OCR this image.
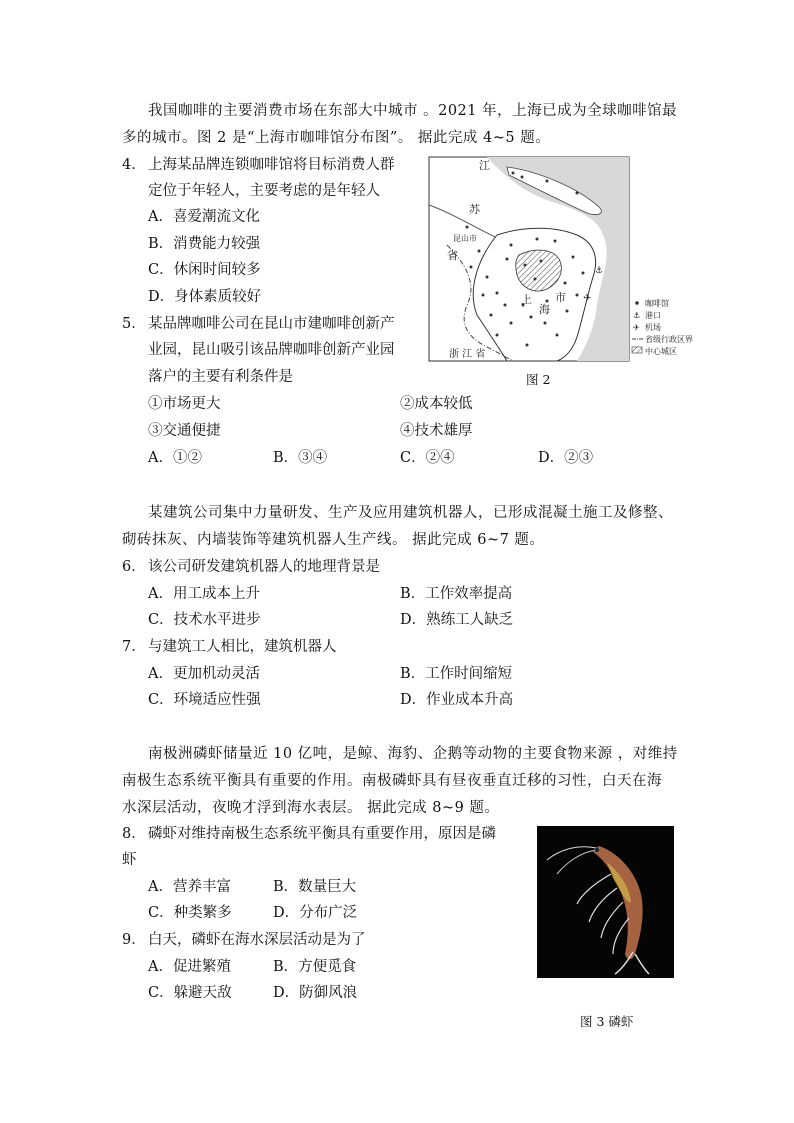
我国咖啡的主要消费市场在东部大中城市 。2021 年，上海已成为全球咖啡馆最
多的城市。图 2 是“上海市咖啡馆分布图”。 据此完成 4~5 题。
4． 上海某品牌连锁咖啡馆将目标消费人群
定位于年轻人，主要考虑的是年轻人
A．喜爱潮流文化
B．消费能力较强
C．休闲时间较多
D．身体素质较好
5． 某品牌咖啡公司在昆山市建咖啡创新产
业园，昆山吸引该品牌咖啡创新产业园
落户的主要有利条件是
①市场更大	②成本较低
③交通便捷	④技术雄厚
A．①②	B．③④	C．②④	D．②③
⚓
✈
江
苏
省
昆山市
上
海
市
浙 江 省
咖啡馆
⚓ 港口
✈ 机场
省级行政区界
中心城区
图 2
某建筑公司集中力量研发、生产及应用建筑机器人，已形成混凝土施工及修整、
砌砖抹灰、内墙装饰等建筑机器人生产线。 据此完成 6~7 题。
6． 该公司研发建筑机器人的地理背景是
A．用工成本上升	B．工作效率提高
C．技术水平进步	D．熟练工人缺乏
7． 与建筑工人相比，建筑机器人
A．更加机动灵活	B．工作时间缩短
C．环境适应性强	D．作业成本升高
南极洲磷虾储量近 10 亿吨，是鲸、海豹、企鹅等动物的主要食物来源 ，对维持
南极生态系统平衡具有重要的作用。南极磷虾具有昼夜垂直迁移的习性，白天在海
水深层活动，夜晚才浮到海水表层。 据此完成 8~9 题。
8． 磷虾对维持南极生态系统平衡具有重要作用，原因是磷
虾
A．营养丰富	B．数量巨大
C．种类繁多	D．分布广泛
9． 白天，磷虾在海水深层活动是为了
A．促进繁殖	B．方便觅食
C．躲避天敌	D．防御风浪
图 3 磷虾
